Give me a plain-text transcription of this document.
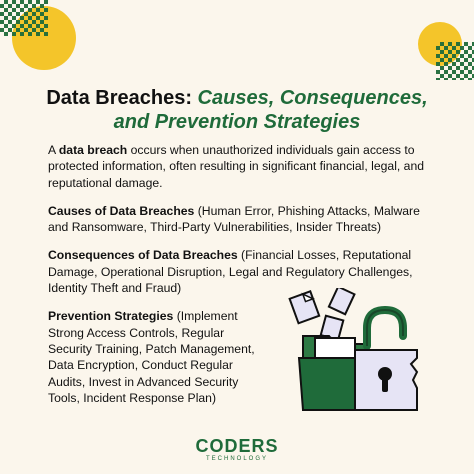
Data Breaches: Causes, Consequences,
and Prevention Strategies

A data breach occurs when unauthorized individuals gain access to protected information, often resulting in significant financial, legal, and reputational damage.

Causes of Data Breaches (Human Error, Phishing Attacks, Malware and Ransomware, Third-Party Vulnerabilities, Insider Threats)

Consequences of Data Breaches (Financial Losses, Reputational Damage, Operational Disruption, Legal and Regulatory Challenges, Identity Theft and Fraud)

Prevention Strategies (Implement Strong Access Controls, Regular Security Training, Patch Management, Data Encryption, Conduct Regular Audits, Invest in Advanced Security Tools, Incident Response Plan)

CODERS
TECHNOLOGY
